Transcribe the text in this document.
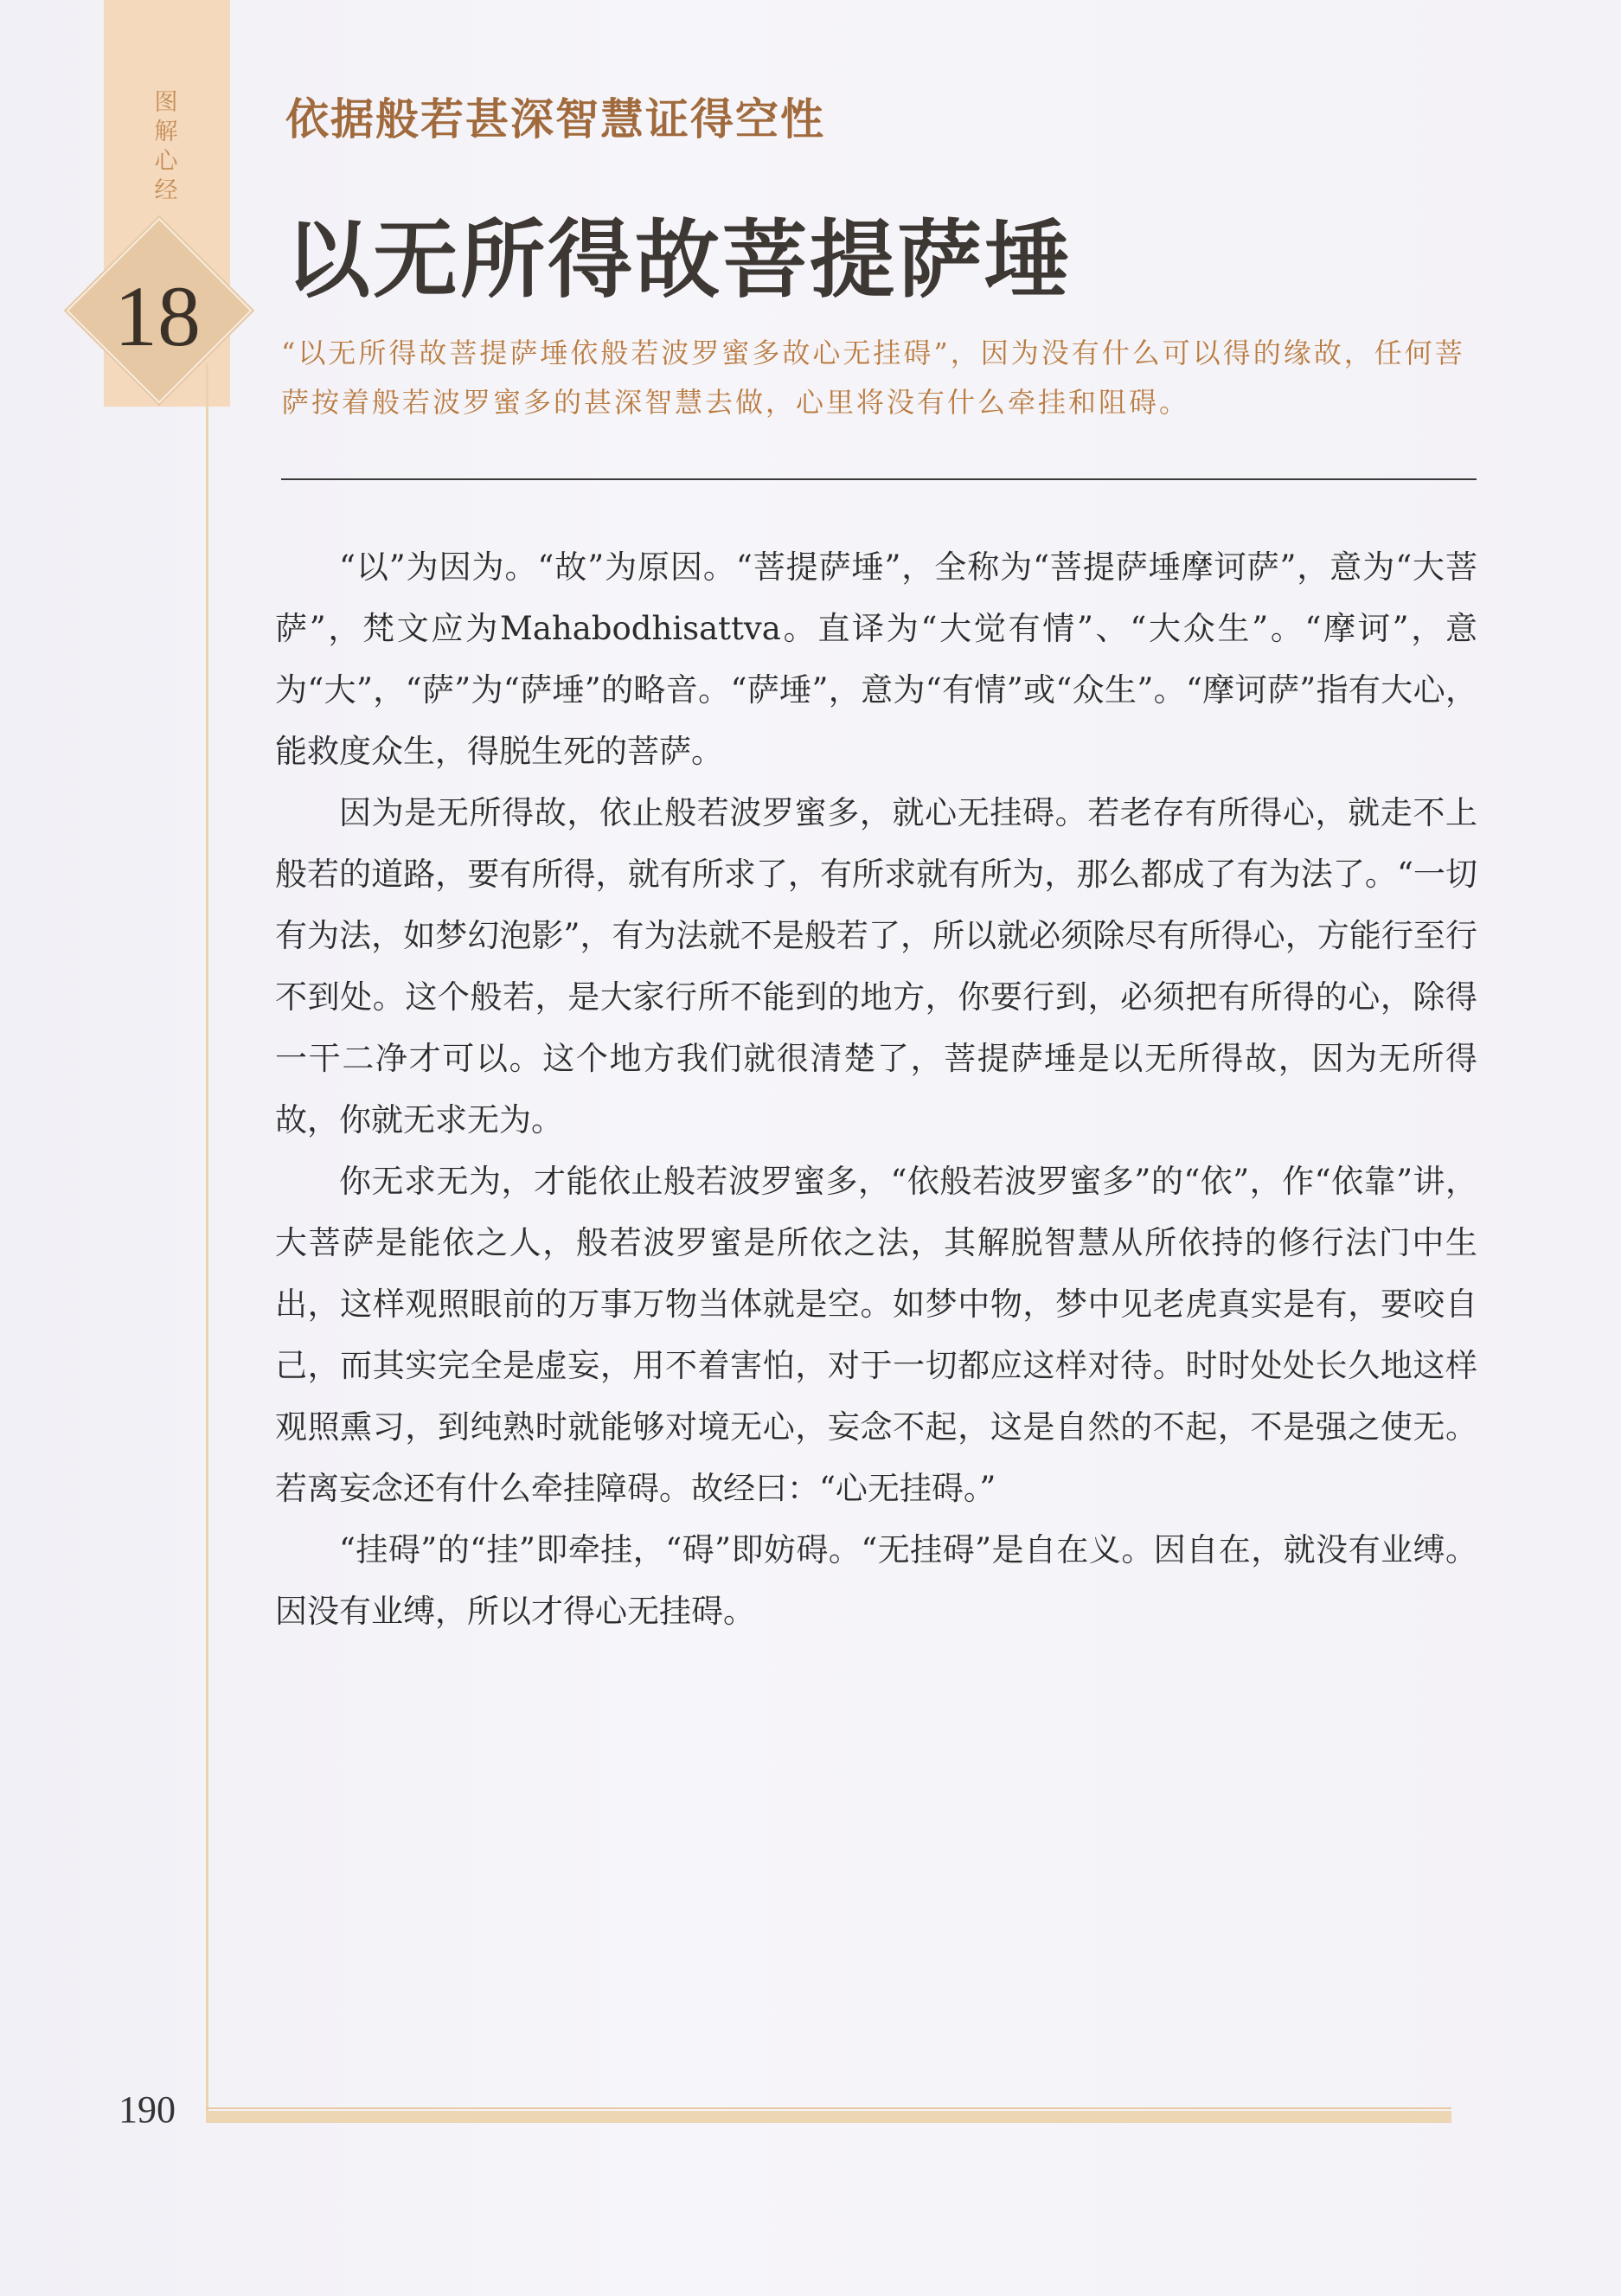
图解心经
18
依据般若甚深智慧证得空性
以无所得故菩提萨埵
“以无所得故菩提萨埵依般若波罗蜜多故心无挂碍”，因为没有什么可以得的缘故，任何菩萨按着般若波罗蜜多的甚深智慧去做，心里将没有什么牵挂和阻碍。

“以”为因为。“故”为原因。“菩提萨埵”，全称为“菩提萨埵摩诃萨”，意为“大菩萨”，梵文应为Mahabodhisattva。直译为“大觉有情”、“大众生”。“摩诃”，意为“大”，“萨”为“萨埵”的略音。“萨埵”，意为“有情”或“众生”。“摩诃萨”指有大心，能救度众生，得脱生死的菩萨。

因为是无所得故，依止般若波罗蜜多，就心无挂碍。若老存有所得心，就走不上般若的道路，要有所得，就有所求了，有所求就有所为，那么都成了有为法了。“一切有为法，如梦幻泡影”，有为法就不是般若了，所以就必须除尽有所得心，方能行至行不到处。这个般若，是大家行所不能到的地方，你要行到，必须把有所得的心，除得一干二净才可以。这个地方我们就很清楚了，菩提萨埵是以无所得故，因为无所得故，你就无求无为。

你无求无为，才能依止般若波罗蜜多，“依般若波罗蜜多”的“依”，作“依靠”讲，大菩萨是能依之人，般若波罗蜜是所依之法，其解脱智慧从所依持的修行法门中生出，这样观照眼前的万事万物当体就是空。如梦中物，梦中见老虎真实是有，要咬自己，而其实完全是虚妄，用不着害怕，对于一切都应这样对待。时时处处长久地这样观照熏习，到纯熟时就能够对境无心，妄念不起，这是自然的不起，不是强之使无。若离妄念还有什么牵挂障碍。故经曰：“心无挂碍。”

“挂碍”的“挂”即牵挂，“碍”即妨碍。“无挂碍”是自在义。因自在，就没有业缚。因没有业缚，所以才得心无挂碍。

190
